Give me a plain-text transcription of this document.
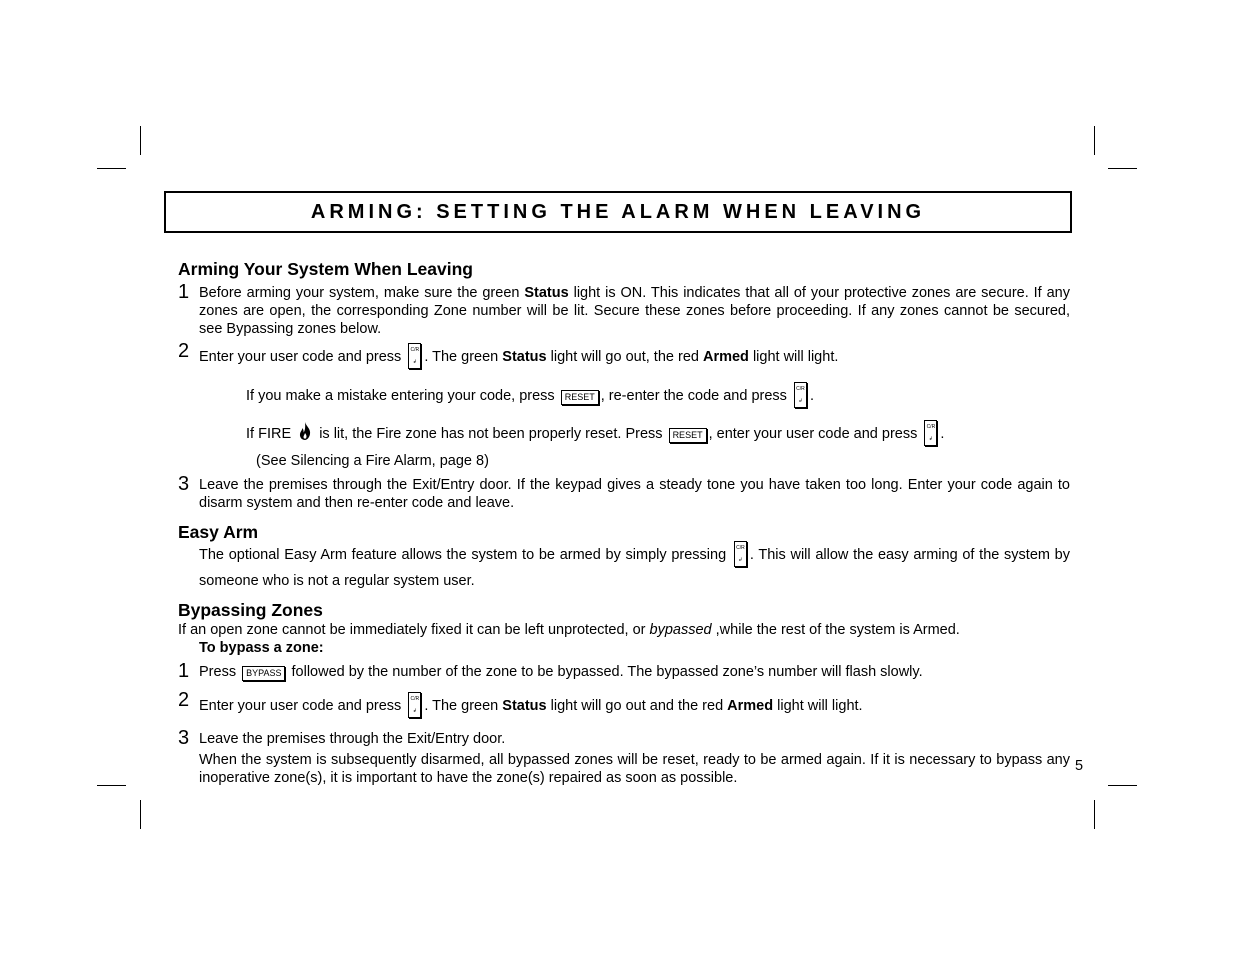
ARMING: SETTING THE ALARM WHEN LEAVING
Arming Your System When Leaving
1 Before arming your system, make sure the green Status light is ON. This indicates that all of your protective zones are secure. If any zones are open, the corresponding Zone number will be lit. Secure these zones before proceeding. If any zones cannot be secured, see Bypassing zones below.
2 Enter your user code and press C/R
↲ . The green Status light will go out, the red Armed light will light.
If you make a mistake entering your code, press RESET , re-enter the code and press C/R
↲ .
If FIRE is lit, the Fire zone has not been properly reset. Press RESET , enter your user code and press C/R
↲ .
(See Silencing a Fire Alarm, page 8)
3 Leave the premises through the Exit/Entry door. If the keypad gives a steady tone you have taken too long. Enter your code again to disarm system and then re-enter code and leave.
Easy Arm
The optional Easy Arm feature allows the system to be armed by simply pressing C/R
↲ . This will allow the easy arming of the system by someone who is not a regular system user.
Bypassing Zones
If an open zone cannot be immediately fixed it can be left unprotected, or bypassed ,while the rest of the system is Armed.
To bypass a zone:
1 Press BYPASS followed by the number of the zone to be bypassed. The bypassed zone’s number will flash slowly.
2 Enter your user code and press C/R
↲ . The green Status light will go out and the red Armed light will light.
3 Leave the premises through the Exit/Entry door.
When the system is subsequently disarmed, all bypassed zones will be reset, ready to be armed again. If it is necessary to bypass any inoperative zone(s), it is important to have the zone(s) repaired as soon as possible.
5
